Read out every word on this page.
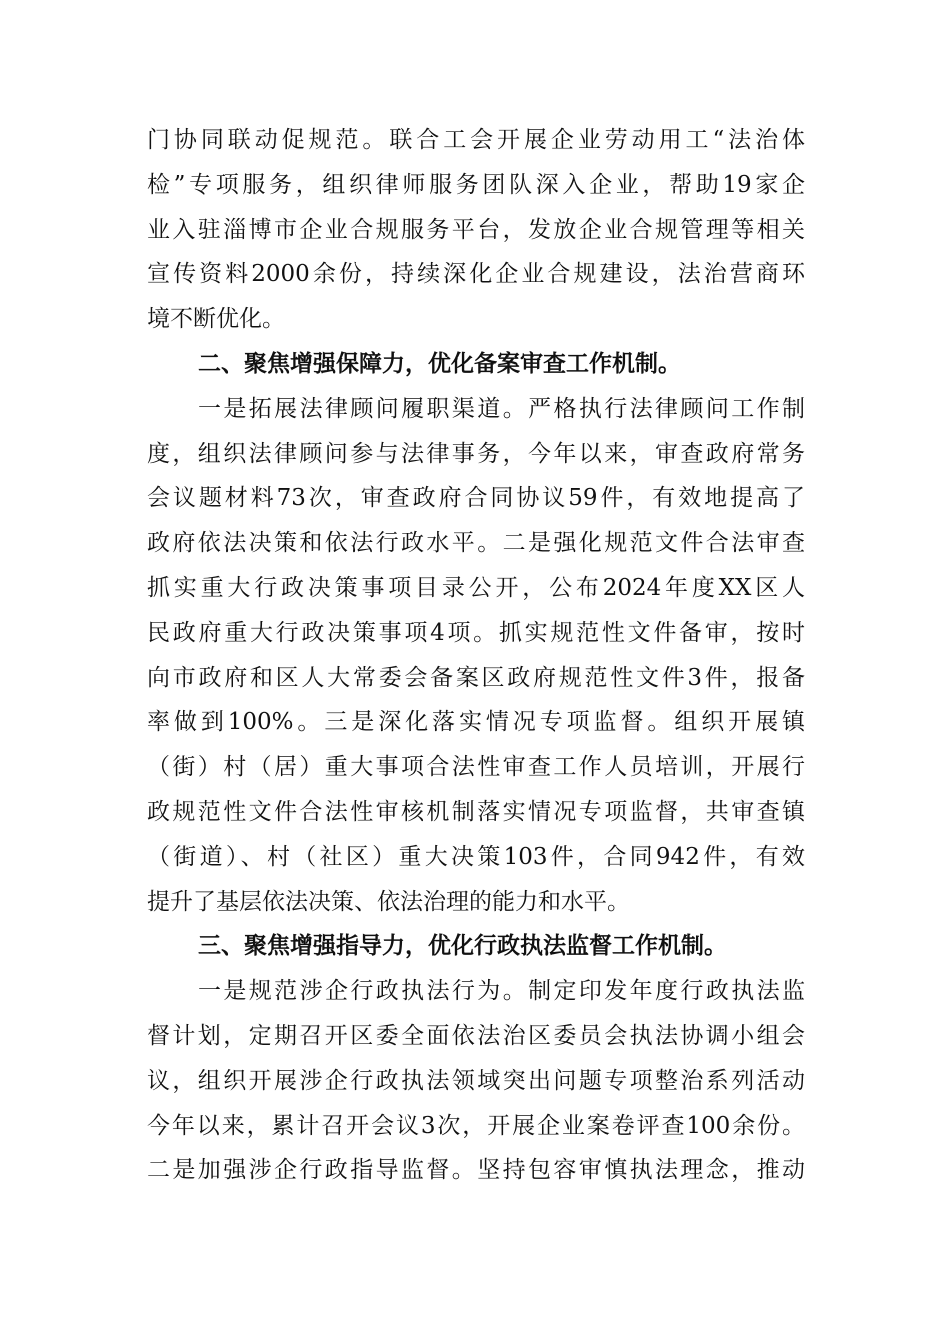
门协同联动促规范。联合工会开展企业劳动用工“法治体
检”专项服务，组织律师服务团队深入企业，帮助19家企
业入驻淄博市企业合规服务平台，发放企业合规管理等相关
宣传资料2000余份，持续深化企业合规建设，法治营商环
境不断优化。
二、聚焦增强保障力，优化备案审查工作机制。
一是拓展法律顾问履职渠道。严格执行法律顾问工作制
度，组织法律顾问参与法律事务，今年以来，审查政府常务
会议题材料73次，审查政府合同协议59件，有效地提高了
政府依法决策和依法行政水平。二是强化规范文件合法审查
抓实重大行政决策事项目录公开，公布2024年度XX区人
民政府重大行政决策事项4项。抓实规范性文件备审，按时
向市政府和区人大常委会备案区政府规范性文件3件，报备
率做到100%。三是深化落实情况专项监督。组织开展镇
（街）村（居）重大事项合法性审查工作人员培训，开展行
政规范性文件合法性审核机制落实情况专项监督，共审查镇
（街道）、村（社区）重大决策103件，合同942件，有效
提升了基层依法决策、依法治理的能力和水平。
三、聚焦增强指导力，优化行政执法监督工作机制。
一是规范涉企行政执法行为。制定印发年度行政执法监
督计划，定期召开区委全面依法治区委员会执法协调小组会
议，组织开展涉企行政执法领域突出问题专项整治系列活动
今年以来，累计召开会议3次，开展企业案卷评查100余份。
二是加强涉企行政指导监督。坚持包容审慎执法理念，推动
